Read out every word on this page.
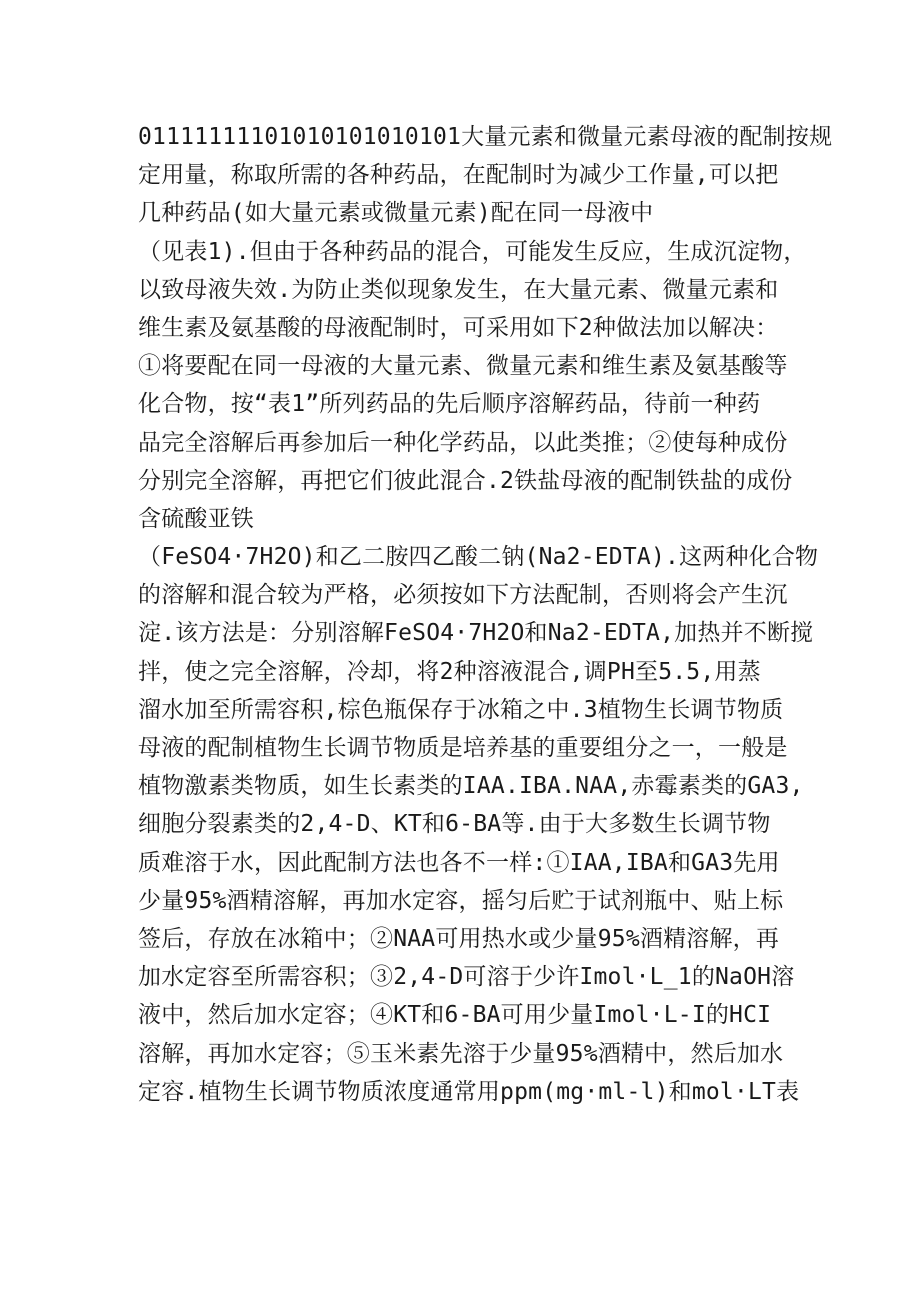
01111111101010101010101大量元素和微量元素母液的配制按规
定用量，称取所需的各种药品，在配制时为减少工作量,可以把
几种药品(如大量元素或微量元素)配在同一母液中
（见表1).但由于各种药品的混合，可能发生反应，生成沉淀物，
以致母液失效.为防止类似现象发生，在大量元素、微量元素和
维生素及氨基酸的母液配制时，可采用如下2种做法加以解决：
①将要配在同一母液的大量元素、微量元素和维生素及氨基酸等
化合物，按“表1”所列药品的先后顺序溶解药品，待前一种药
品完全溶解后再参加后一种化学药品，以此类推；②使每种成份
分别完全溶解，再把它们彼此混合.2铁盐母液的配制铁盐的成份
含硫酸亚铁
（FeSO4·7H2O)和乙二胺四乙酸二钠(Na2-EDTA).这两种化合物
的溶解和混合较为严格，必须按如下方法配制，否则将会产生沉
淀.该方法是：分别溶解FeSO4·7H2O和Na2-EDTA,加热并不断搅
拌，使之完全溶解，冷却，将2种溶液混合,调PH至5.5,用蒸
溜水加至所需容积,棕色瓶保存于冰箱之中.3植物生长调节物质
母液的配制植物生长调节物质是培养基的重要组分之一，一般是
植物激素类物质，如生长素类的IAA.IBA.NAA,赤霉素类的GA3,
细胞分裂素类的2,4-D、KT和6-BA等.由于大多数生长调节物
质难溶于水，因此配制方法也各不一样:①IAA,IBA和GA3先用
少量95%酒精溶解，再加水定容，摇匀后贮于试剂瓶中、贴上标
签后，存放在冰箱中；②NAA可用热水或少量95%酒精溶解，再
加水定容至所需容积；③2,4-D可溶于少许Imol·L_1的NaOH溶
液中，然后加水定容；④KT和6-BA可用少量Imol·L-I的HCI
溶解，再加水定容；⑤玉米素先溶于少量95%酒精中，然后加水
定容.植物生长调节物质浓度通常用ppm(mg·ml-l)和mol·LT表
